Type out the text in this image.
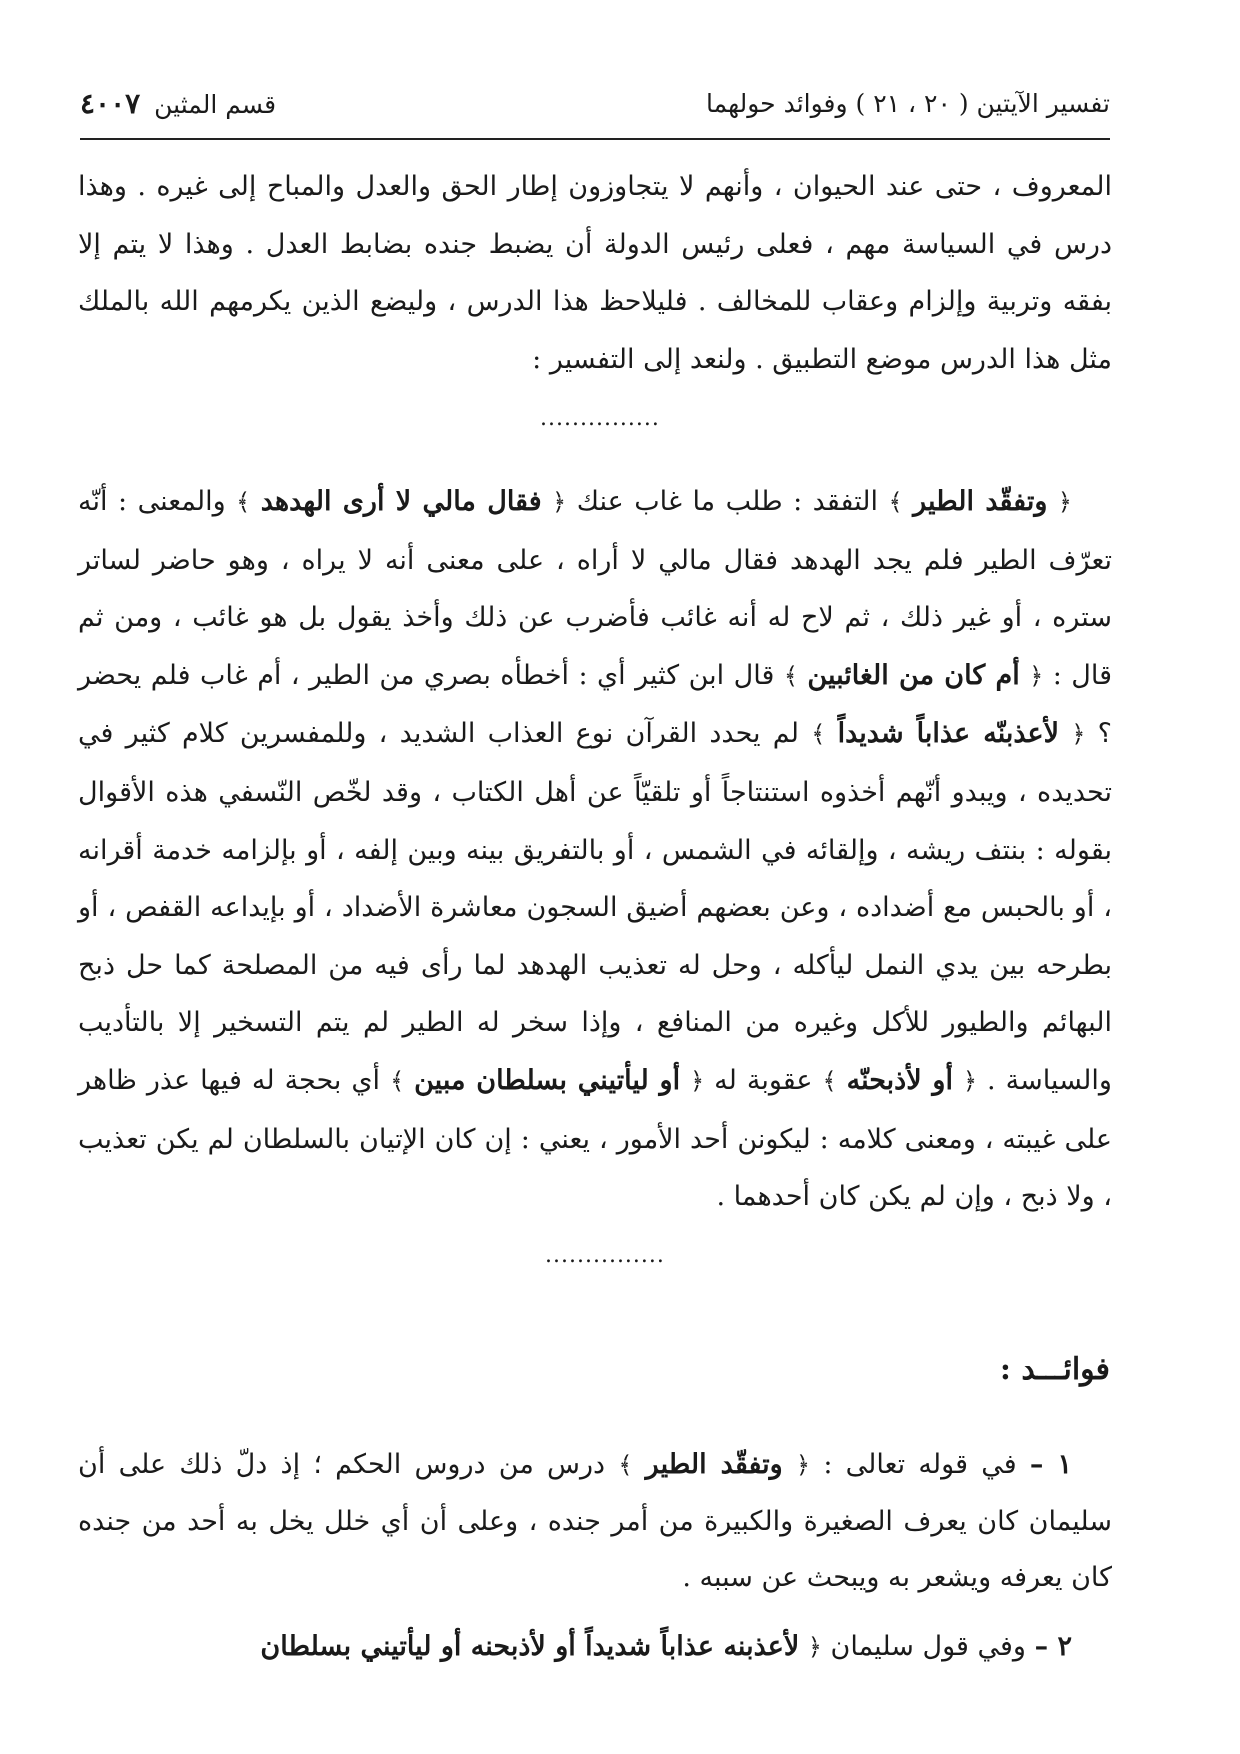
تفسير الآيتين ( ٢٠ ، ٢١ ) وفوائد حولهما
قسم المثين٤٠٠٧
المعروف ، حتى عند الحيوان ، وأنهم لا يتجاوزون إطار الحق والعدل والمباح إلى غيره . وهذا درس في السياسة مهم ، فعلى رئيس الدولة أن يضبط جنده بضابط العدل . وهذا لا يتم إلا بفقه وتربية وإلزام وعقاب للمخالف . فليلاحظ هذا الدرس ، وليضع الذين يكرمهم الله بالملك مثل هذا الدرس موضع التطبيق . ولنعد إلى التفسير :
...............
﴿ وتفقّد الطير ﴾ التفقد : طلب ما غاب عنك ﴿ فقال مالي لا أرى الهدهد ﴾ والمعنى : أنّه تعرّف الطير فلم يجد الهدهد فقال مالي لا أراه ، على معنى أنه لا يراه ، وهو حاضر لساتر ستره ، أو غير ذلك ، ثم لاح له أنه غائب فأضرب عن ذلك وأخذ يقول بل هو غائب ، ومن ثم قال : ﴿ أم كان من الغائبين ﴾ قال ابن كثير أي : أخطأه بصري من الطير ، أم غاب فلم يحضر ؟ ﴿ لأعذبنّه عذاباً شديداً ﴾ لم يحدد القرآن نوع العذاب الشديد ، وللمفسرين كلام كثير في تحديده ، ويبدو أنّهم أخذوه استنتاجاً أو تلقيّاً عن أهل الكتاب ، وقد لخّص النّسفي هذه الأقوال بقوله : بنتف ريشه ، وإلقائه في الشمس ، أو بالتفريق بينه وبين إلفه ، أو بإلزامه خدمة أقرانه ، أو بالحبس مع أضداده ، وعن بعضهم أضيق السجون معاشرة الأضداد ، أو بإيداعه القفص ، أو بطرحه بين يدي النمل ليأكله ، وحل له تعذيب الهدهد لما رأى فيه من المصلحة كما حل ذبح البهائم والطيور للأكل وغيره من المنافع ، وإذا سخر له الطير لم يتم التسخير إلا بالتأديب والسياسة . ﴿ أو لأذبحنّه ﴾ عقوبة له ﴿ أو ليأتيني بسلطان مبين ﴾ أي بحجة له فيها عذر ظاهر على غيبته ، ومعنى كلامه : ليكونن أحد الأمور ، يعني : إن كان الإتيان بالسلطان لم يكن تعذيب ، ولا ذبح ، وإن لم يكن كان أحدهما .
...............
فوائـــد :
١ – في قوله تعالى : ﴿ وتفقّد الطير ﴾ درس من دروس الحكم ؛ إذ دلّ ذلك على أن سليمان كان يعرف الصغيرة والكبيرة من أمر جنده ، وعلى أن أي خلل يخل به أحد من جنده كان يعرفه ويشعر به ويبحث عن سببه .
٢ – وفي قول سليمان ﴿ لأعذبنه عذاباً شديداً أو لأذبحنه أو ليأتيني بسلطان
